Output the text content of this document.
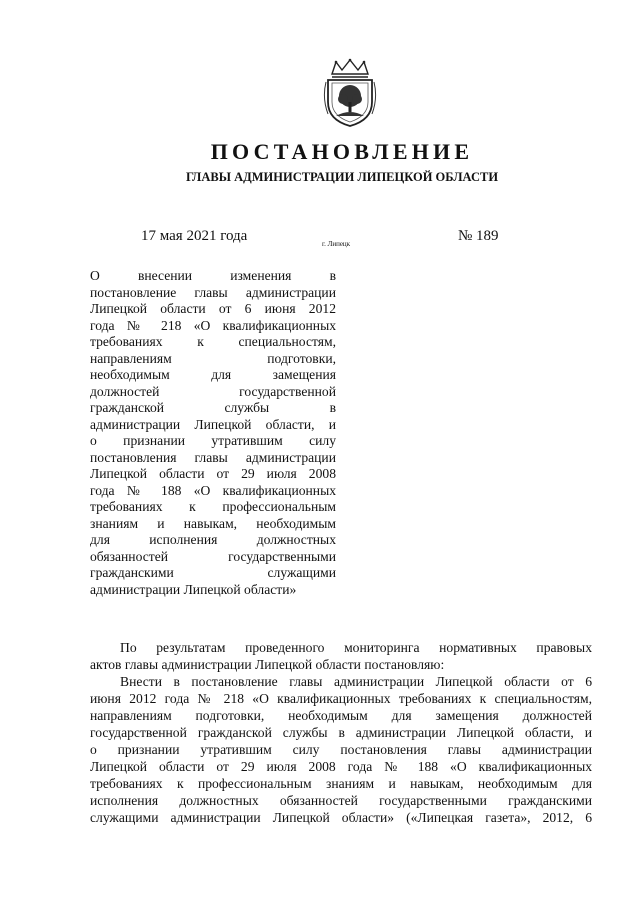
ПОСТАНОВЛЕНИЕ
ГЛАВЫ АДМИНИСТРАЦИИ ЛИПЕЦКОЙ ОБЛАСТИ
17 мая 2021 года	г. Липецк	№ 189
О внесении изменения в
постановление главы администрации
Липецкой области от 6 июня 2012
года № 218 «О квалификационных
требованиях к специальностям,
направлениям подготовки,
необходимым для замещения
должностей государственной
гражданской службы в
администрации Липецкой области, и
о признании утратившим силу
постановления главы администрации
Липецкой области от 29 июля 2008
года № 188 «О квалификационных
требованиях к профессиональным
знаниям и навыкам, необходимым
для исполнения должностных
обязанностей государственными
гражданскими служащими
администрации Липецкой области»
По результатам проведенного мониторинга нормативных правовых
актов главы администрации Липецкой области постановляю:
Внести в постановление главы администрации Липецкой области от 6
июня 2012 года № 218 «О квалификационных требованиях к специальностям,
направлениям подготовки, необходимым для замещения должностей
государственной гражданской службы в администрации Липецкой области, и
о признании утратившим силу постановления главы администрации
Липецкой области от 29 июля 2008 года № 188 «О квалификационных
требованиях к профессиональным знаниям и навыкам, необходимым для
исполнения должностных обязанностей государственными гражданскими
служащими администрации Липецкой области» («Липецкая газета», 2012, 6
